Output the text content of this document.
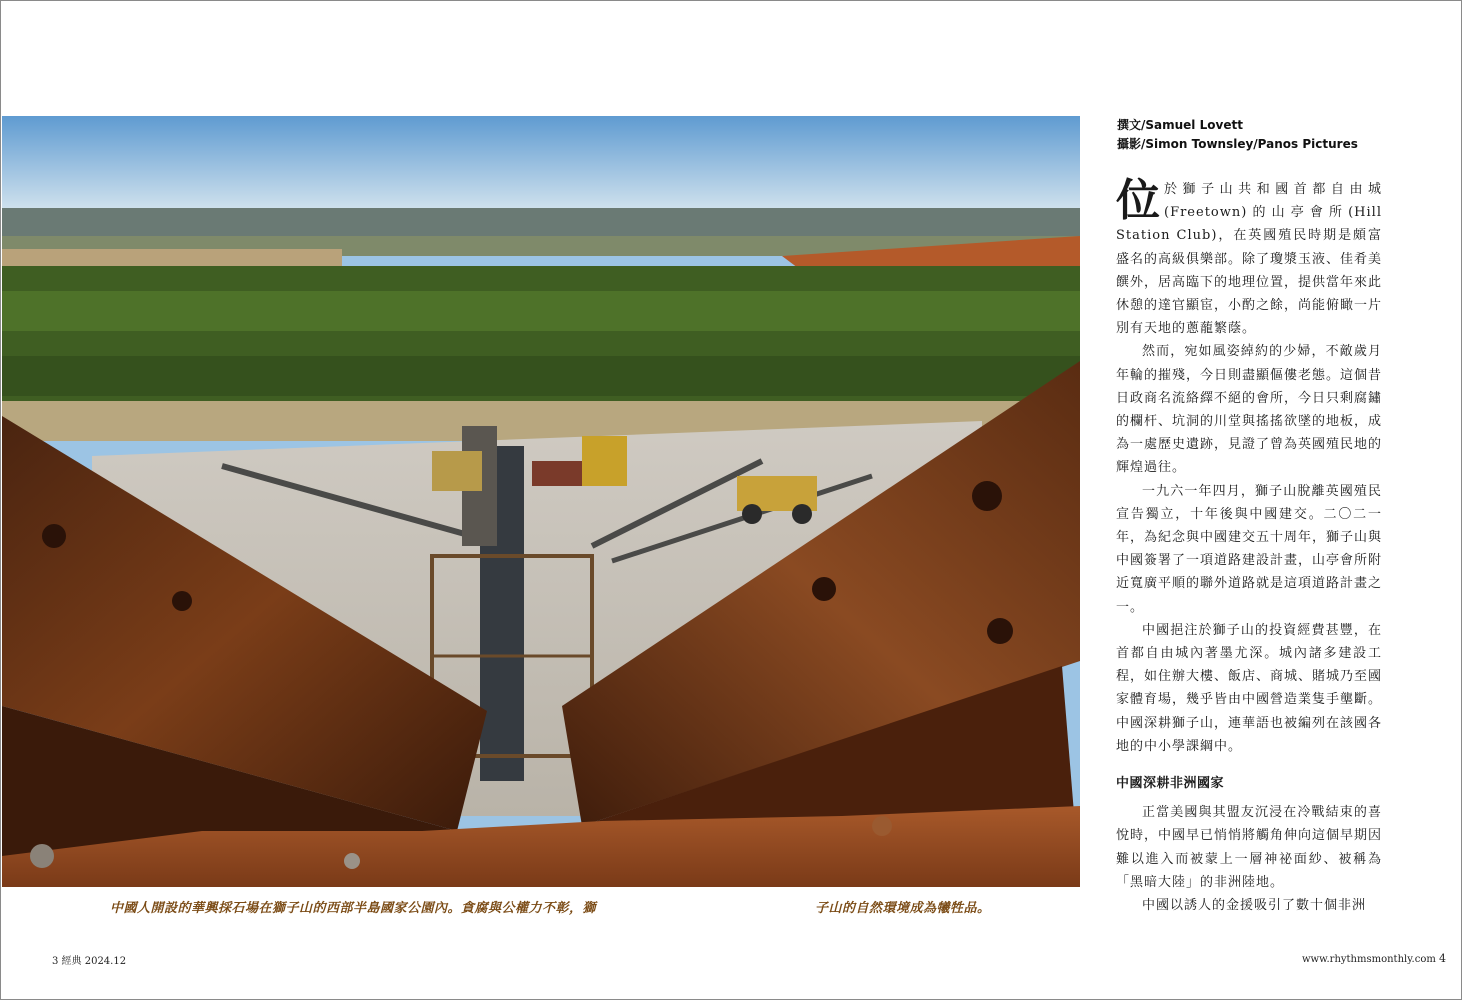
中國人開設的華興採石場在獅子山的西部半島國家公園內。貪腐與公權力不彰，獅	子山的自然環境成為犧牲品。
撰文/Samuel Lovett
攝影/Simon Townsley/Panos Pictures

位於獅子山共和國首都自由城(Freetown)的山亭會所(Hill Station Club)，在英國殖民時期是頗富盛名的高級俱樂部。除了瓊漿玉液、佳肴美饌外，居高臨下的地理位置，提供當年來此休憩的達官顯宦，小酌之餘，尚能俯瞰一片別有天地的蔥蘢繁蔭。

然而，宛如風姿綽約的少婦，不敵歲月年輪的摧殘，今日則盡顯傴僂老態。這個昔日政商名流絡繹不絕的會所，今日只剩腐鏽的欄杆、坑洞的川堂與搖搖欲墜的地板，成為一處歷史遺跡，見證了曾為英國殖民地的輝煌過往。

一九六一年四月，獅子山脫離英國殖民宣告獨立，十年後與中國建交。二〇二一年，為紀念與中國建交五十周年，獅子山與中國簽署了一項道路建設計畫，山亭會所附近寬廣平順的聯外道路就是這項道路計畫之一。

中國挹注於獅子山的投資經費甚豐，在首都自由城內著墨尤深。城內諸多建設工程，如住辦大樓、飯店、商城、賭城乃至國家體育場，幾乎皆由中國營造業隻手壟斷。中國深耕獅子山，連華語也被編列在該國各地的中小學課綱中。

中國深耕非洲國家

正當美國與其盟友沉浸在冷戰結束的喜悅時，中國早已悄悄將觸角伸向這個早期因難以進入而被蒙上一層神祕面紗、被稱為「黑暗大陸」的非洲陸地。

中國以誘人的金援吸引了數十個非洲

3 經典 2024.12	www.rhythmsmonthly.com 4
